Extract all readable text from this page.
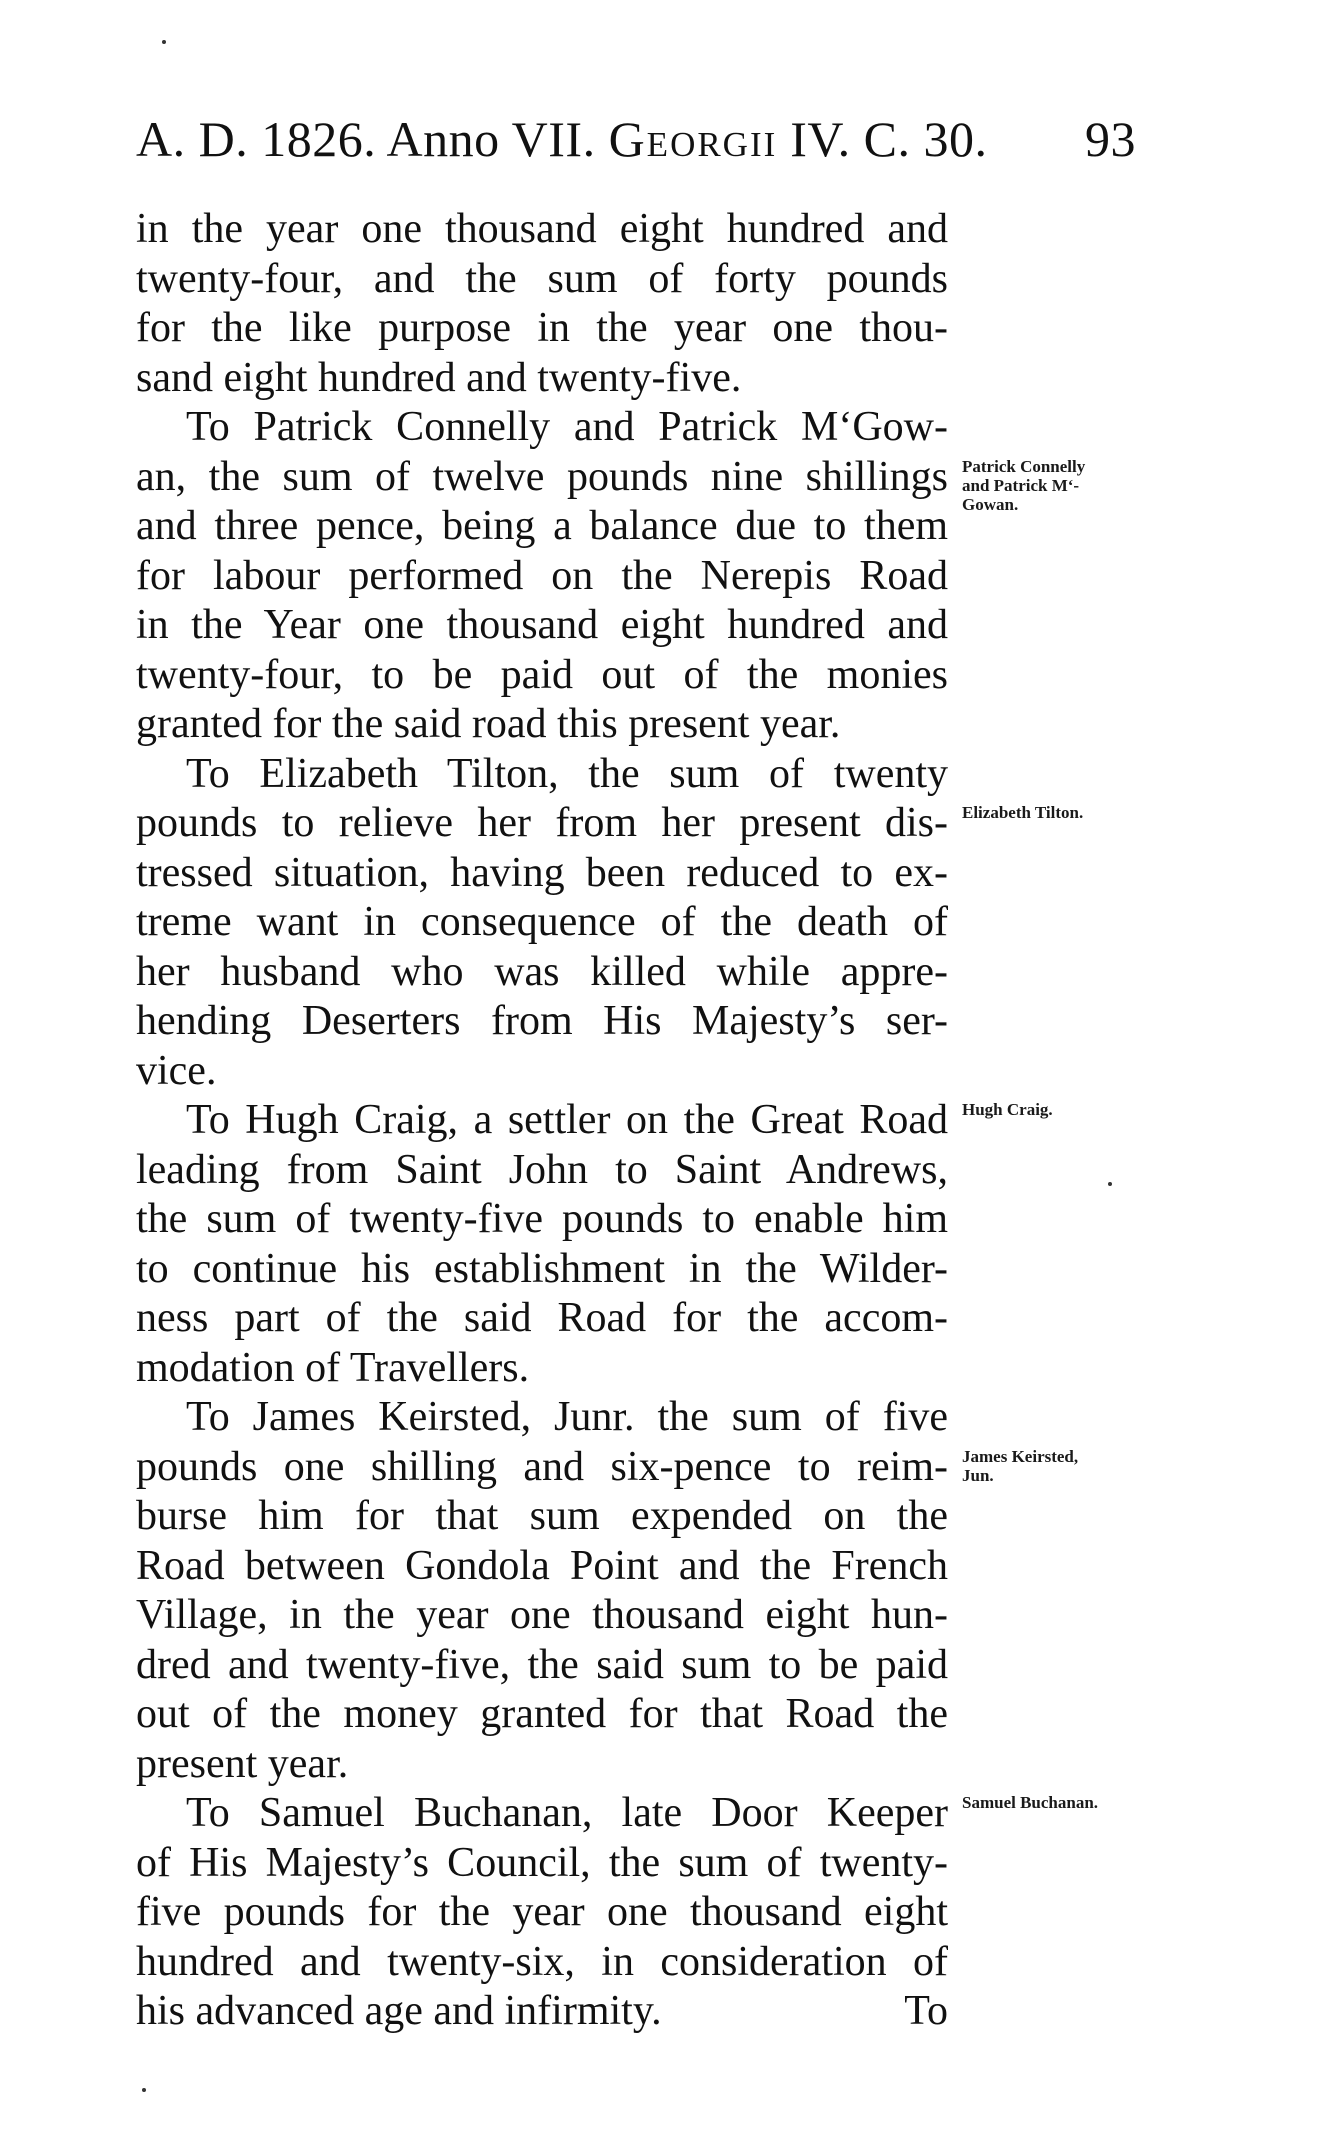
A. D. 1826. Anno VII. Georgii IV. C. 30. 93
in the year one thousand eight hundred and
twenty-four, and the sum of forty pounds
for the like purpose in the year one thou-
sand eight hundred and twenty-five.
To Patrick Connelly and Patrick M‘Gow-
an, the sum of twelve pounds nine shillings
and three pence, being a balance due to them
for labour performed on the Nerepis Road
in the Year one thousand eight hundred and
twenty-four, to be paid out of the monies
granted for the said road this present year.
To Elizabeth Tilton, the sum of twenty
pounds to relieve her from her present dis-
tressed situation, having been reduced to ex-
treme want in consequence of the death of
her husband who was killed while appre-
hending Deserters from His Majesty’s ser-
vice.
To Hugh Craig, a settler on the Great Road
leading from Saint John to Saint Andrews,
the sum of twenty-five pounds to enable him
to continue his establishment in the Wilder-
ness part of the said Road for the accom-
modation of Travellers.
To James Keirsted, Junr. the sum of five
pounds one shilling and six-pence to reim-
burse him for that sum expended on the
Road between Gondola Point and the French
Village, in the year one thousand eight hun-
dred and twenty-five, the said sum to be paid
out of the money granted for that Road the
present year.
To Samuel Buchanan, late Door Keeper
of His Majesty’s Council, the sum of twenty-
five pounds for the year one thousand eight
hundred and twenty-six, in consideration of
his advanced age and infirmity.	To
Patrick Connelly
and Patrick M‘-
Gowan.
Elizabeth Tilton.
Hugh Craig.
James Keirsted,
Jun.
Samuel Buchanan.
